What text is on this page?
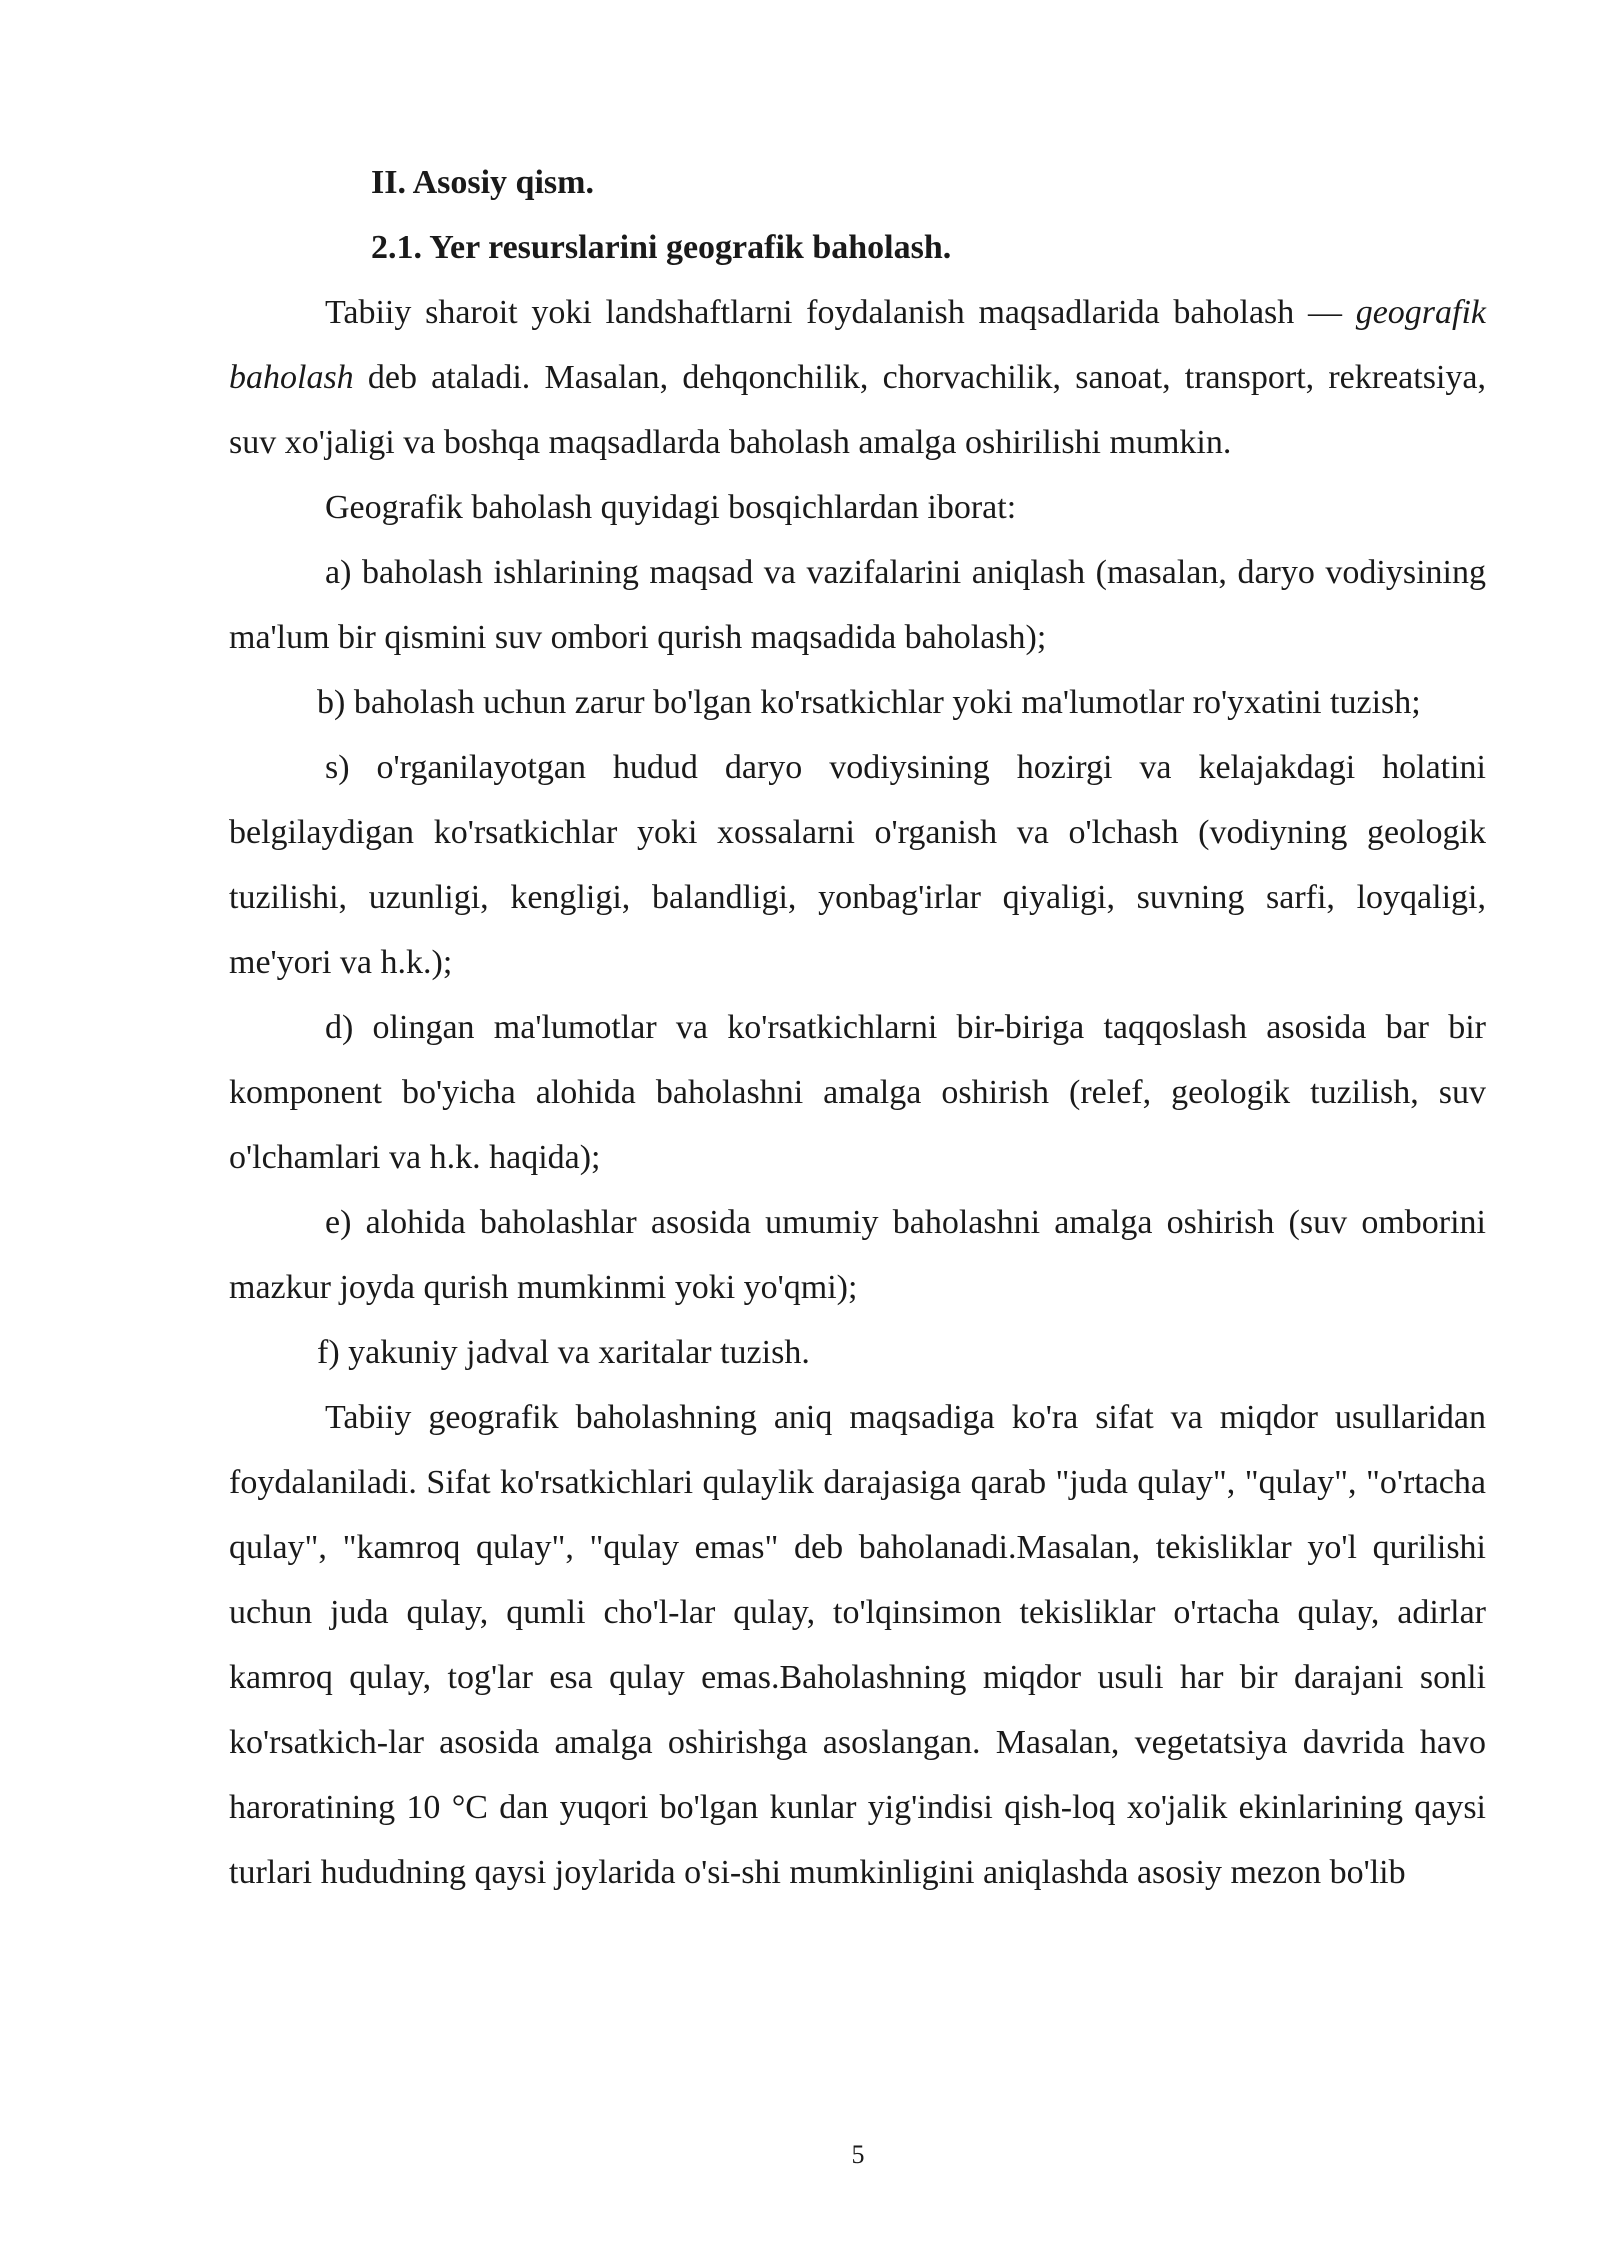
II. Asosiy qism.

2.1. Yer resurslarini geografik baholash.

Tabiiy sharoit yoki landshaftlarni foydalanish maqsadlarida baholash — geografik baholash deb ataladi. Masalan, dehqonchilik, chorvachilik, sanoat, transport, rekreatsiya, suv xo'jaligi va boshqa maqsadlarda baholash amalga oshirilishi mumkin.

Geografik baholash quyidagi bosqichlardan iborat:

a) baholash ishlarining maqsad va vazifalarini aniqlash (masalan, daryo vodiysining ma'lum bir qismini suv ombori qurish maqsadida baholash);

b) baholash uchun zarur bo'lgan ko'rsatkichlar yoki ma'lumotlar ro'yxatini tuzish;

s) o'rganilayotgan hudud daryo vodiysining hozirgi va kelajakdagi holatini belgilaydigan ko'rsatkichlar yoki xossalarni o'rganish va o'lchash (vodiyning geologik tuzilishi, uzunligi, kengligi, balandligi, yonbag'irlar qiyaligi, suvning sarfi, loyqaligi, me'yori va h.k.);

d) olingan ma'lumotlar va ko'rsatkichlarni bir-biriga taqqoslash asosida bar bir komponent bo'yicha alohida baholashni amalga oshirish (relef, geologik tuzilish, suv o'lchamlari va h.k. haqida);

e) alohida baholashlar asosida umumiy baholashni amalga oshirish (suv omborini mazkur joyda qurish mumkinmi yoki yo'qmi);

f) yakuniy jadval va xaritalar tuzish.

Tabiiy geografik baholashning aniq maqsadiga ko'ra sifat va miqdor usullaridan foydalaniladi. Sifat ko'rsatkichlari qulaylik darajasiga qarab "juda qulay", "qulay", "o'rtacha qulay", "kamroq qulay", "qulay emas" deb baholanadi.Masalan, tekisliklar yo'l qurilishi uchun juda qulay, qumli cho'l-lar qulay, to'lqinsimon tekisliklar o'rtacha qulay, adirlar kamroq qulay, tog'lar esa qulay emas.Baholashning miqdor usuli har bir darajani sonli ko'rsatkich-lar asosida amalga oshirishga asoslangan. Masalan, vegetatsiya davrida havo haroratining 10 °C dan yuqori bo'lgan kunlar yig'indisi qish-loq xo'jalik ekinlarining qaysi turlari hududning qaysi joylarida o'si-shi mumkinligini aniqlashda asosiy mezon bo'lib

5
